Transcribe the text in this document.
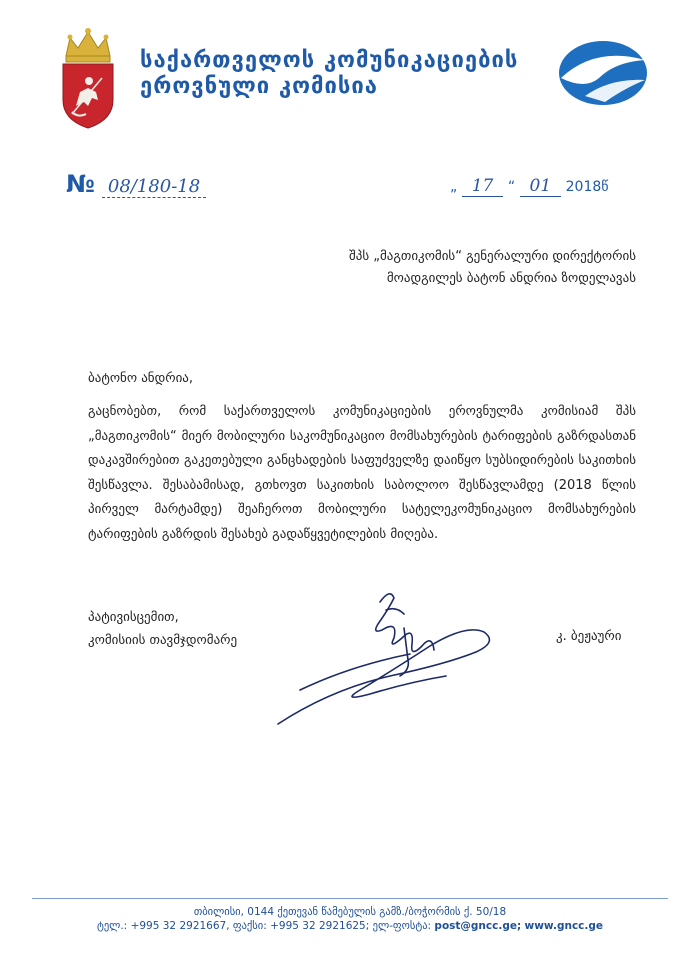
საქართველოს კომუნიკაციების
ეროვნული კომისია
№ 08/180-18	„ 17 “ 01 2018წ
შპს „მაგთიკომის“ გენერალური დირექტორის
მოადგილეს ბატონ ანდრია ზოდელავას
ბატონო ანდრია,
გაცნობებთ, რომ საქართველოს კომუნიკაციების ეროვნულმა კომისიამ შპს „მაგთიკომის“ მიერ მობილური საკომუნიკაციო მომსახურების ტარიფების გაზრდასთან დაკავშირებით გაკეთებული განცხადების საფუძველზე დაიწყო სუბსიდირების საკითხის შესწავლა. შესაბამისად, გთხოვთ საკითხის საბოლოო შესწავლამდე (2018 წლის პირველ მარტამდე) შეაჩეროთ მობილური სატელეკომუნიკაციო მომსახურების ტარიფების გაზრდის შესახებ გადაწყვეტილების მიღება.
პატივისცემით,
კომისიის თავმჯდომარე	კ. ბეჟაური
თბილისი, 0144 ქეთევან წამებულის გამზ./ბოჭორმის ქ. 50/18
ტელ.: +995 32 2921667, ფაქსი: +995 32 2921625; ელ-ფოსტა: post@gncc.ge; www.gncc.ge
